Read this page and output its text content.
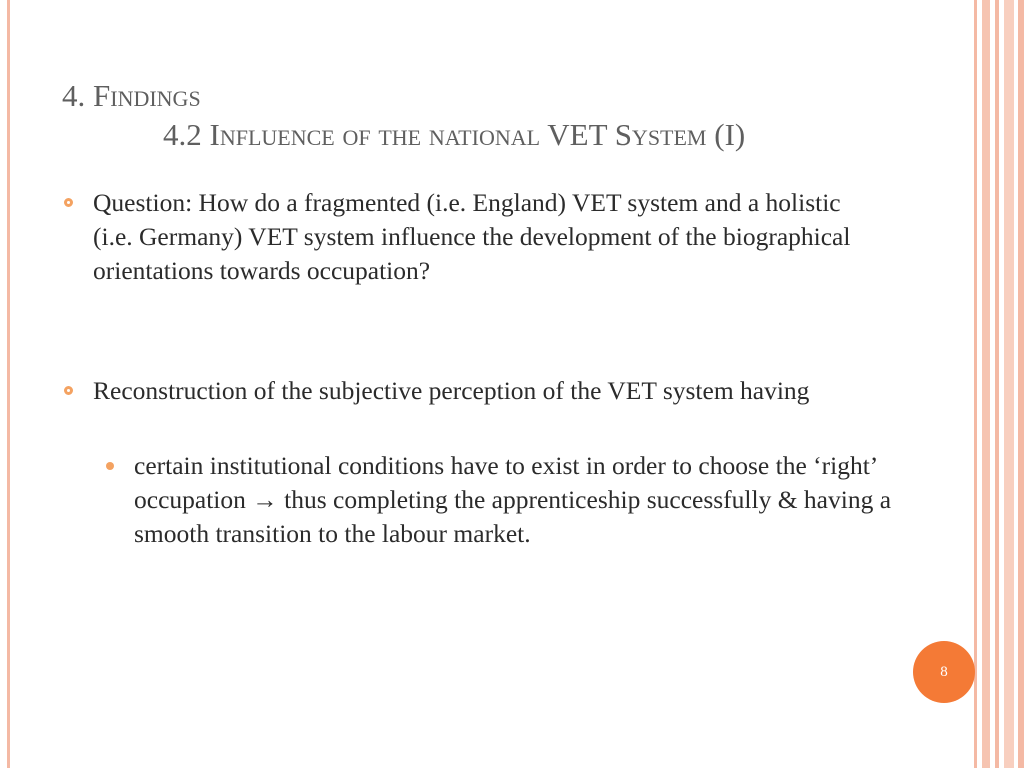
4. Findings
4.2 Influence of the national VET System (I)
Question: How do a fragmented (i.e. England) VET system and a holistic (i.e. Germany) VET system influence the development of the biographical orientations towards occupation?
Reconstruction of the subjective perception of the VET system having
certain institutional conditions have to exist in order to choose the ‘right’ occupation → thus completing the apprenticeship successfully & having a smooth transition to the labour market.
8
